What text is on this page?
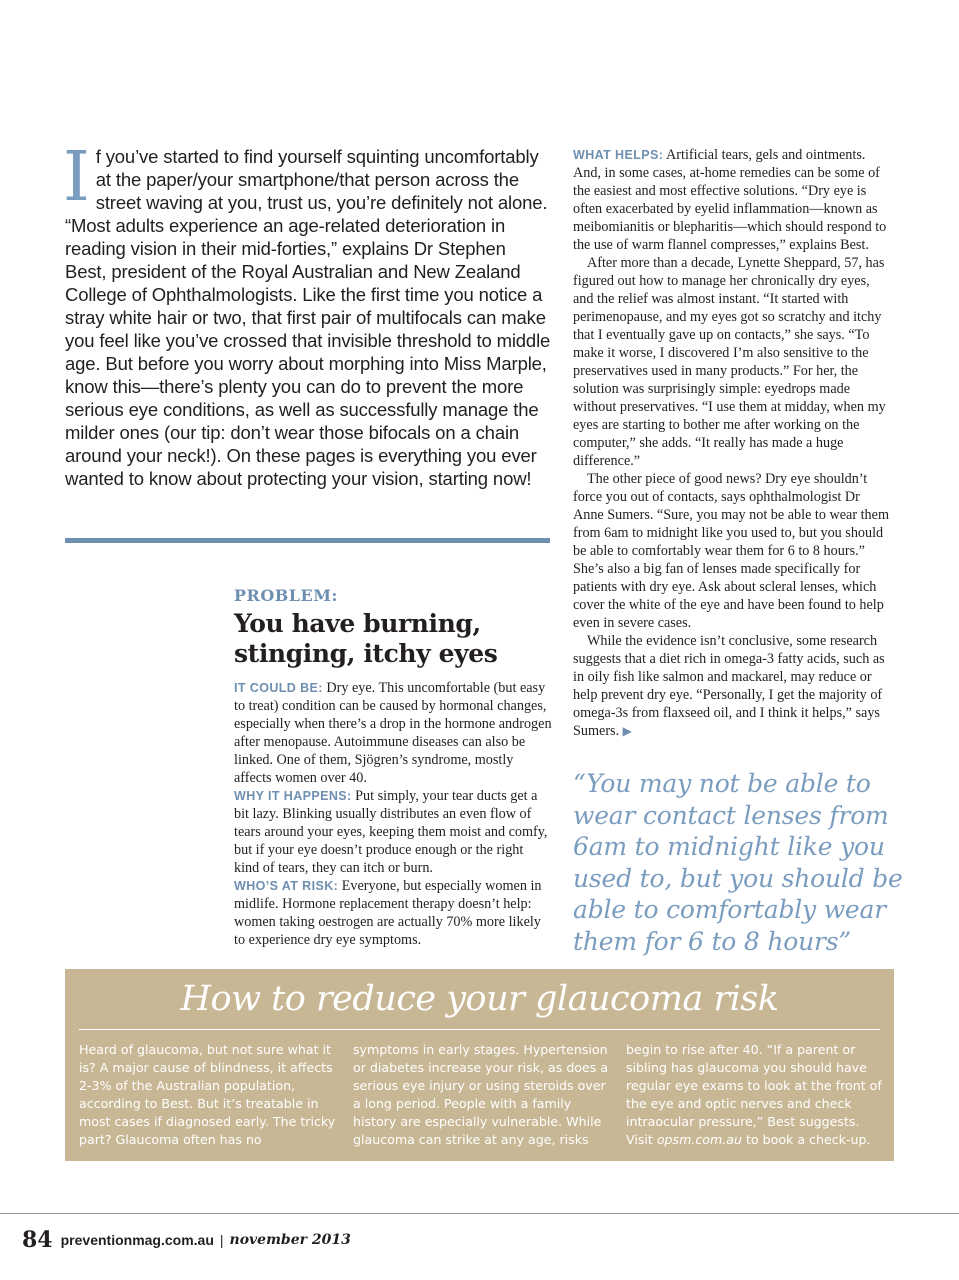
If you’ve started to find yourself squinting uncomfortably at the paper/your smartphone/that person across the street waving at you, trust us, you’re definitely not alone. “Most adults experience an age-related deterioration in reading vision in their mid-forties,” explains Dr Stephen Best, president of the Royal Australian and New Zealand College of Ophthalmologists. Like the first time you notice a stray white hair or two, that first pair of multifocals can make you feel like you’ve crossed that invisible threshold to middle age. But before you worry about morphing into Miss Marple, know this—there’s plenty you can do to prevent the more serious eye conditions, as well as successfully manage the milder ones (our tip: don’t wear those bifocals on a chain around your neck!). On these pages is everything you ever wanted to know about protecting your vision, starting now!

PROBLEM:

You have burning, stinging, itchy eyes

IT COULD BE: Dry eye. This uncomfortable (but easy to treat) condition can be caused by hormonal changes, especially when there’s a drop in the hormone androgen after menopause. Autoimmune diseases can also be linked. One of them, Sjögren’s syndrome, mostly affects women over 40.

WHY IT HAPPENS: Put simply, your tear ducts get a bit lazy. Blinking usually distributes an even flow of tears around your eyes, keeping them moist and comfy, but if your eye doesn’t produce enough or the right kind of tears, they can itch or burn.

WHO’S AT RISK: Everyone, but especially women in midlife. Hormone replacement therapy doesn’t help: women taking oestrogen are actually 70% more likely to experience dry eye symptoms.

WHAT HELPS: Artificial tears, gels and ointments. And, in some cases, at-home remedies can be some of the easiest and most effective solutions. “Dry eye is often exacerbated by eyelid inflammation—known as meibomianitis or blepharitis—which should respond to the use of warm flannel compresses,” explains Best.

After more than a decade, Lynette Sheppard, 57, has figured out how to manage her chronically dry eyes, and the relief was almost instant. “It started with perimenopause, and my eyes got so scratchy and itchy that I eventually gave up on contacts,” she says. “To make it worse, I discovered I’m also sensitive to the preservatives used in many products.” For her, the solution was surprisingly simple: eyedrops made without preservatives. “I use them at midday, when my eyes are starting to bother me after working on the computer,” she adds. “It really has made a huge difference.”

The other piece of good news? Dry eye shouldn’t force you out of contacts, says ophthalmologist Dr Anne Sumers. “Sure, you may not be able to wear them from 6am to midnight like you used to, but you should be able to comfortably wear them for 6 to 8 hours.” She’s also a big fan of lenses made specifically for patients with dry eye. Ask about scleral lenses, which cover the white of the eye and have been found to help even in severe cases.

While the evidence isn’t conclusive, some research suggests that a diet rich in omega-3 fatty acids, such as in oily fish like salmon and mackarel, may reduce or help prevent dry eye. “Personally, I get the majority of omega-3s from flaxseed oil, and I think it helps,” says Sumers. ▶

“You may not be able to wear contact lenses from 6am to midnight like you used to, but you should be able to comfortably wear them for 6 to 8 hours”
How to reduce your glaucoma risk
Heard of glaucoma, but not sure what it is? A major cause of blindness, it affects 2-3% of the Australian population, according to Best. But it’s treatable in most cases if diagnosed early. The tricky part? Glaucoma often has no
symptoms in early stages. Hypertension or diabetes increase your risk, as does a serious eye injury or using steroids over a long period. People with a family history are especially vulnerable. While glaucoma can strike at any age, risks
begin to rise after 40. “If a parent or sibling has glaucoma you should have regular eye exams to look at the front of the eye and optic nerves and check intraocular pressure,” Best suggests. Visit opsm.com.au to book a check-up.
84 preventionmag.com.au | november 2013
